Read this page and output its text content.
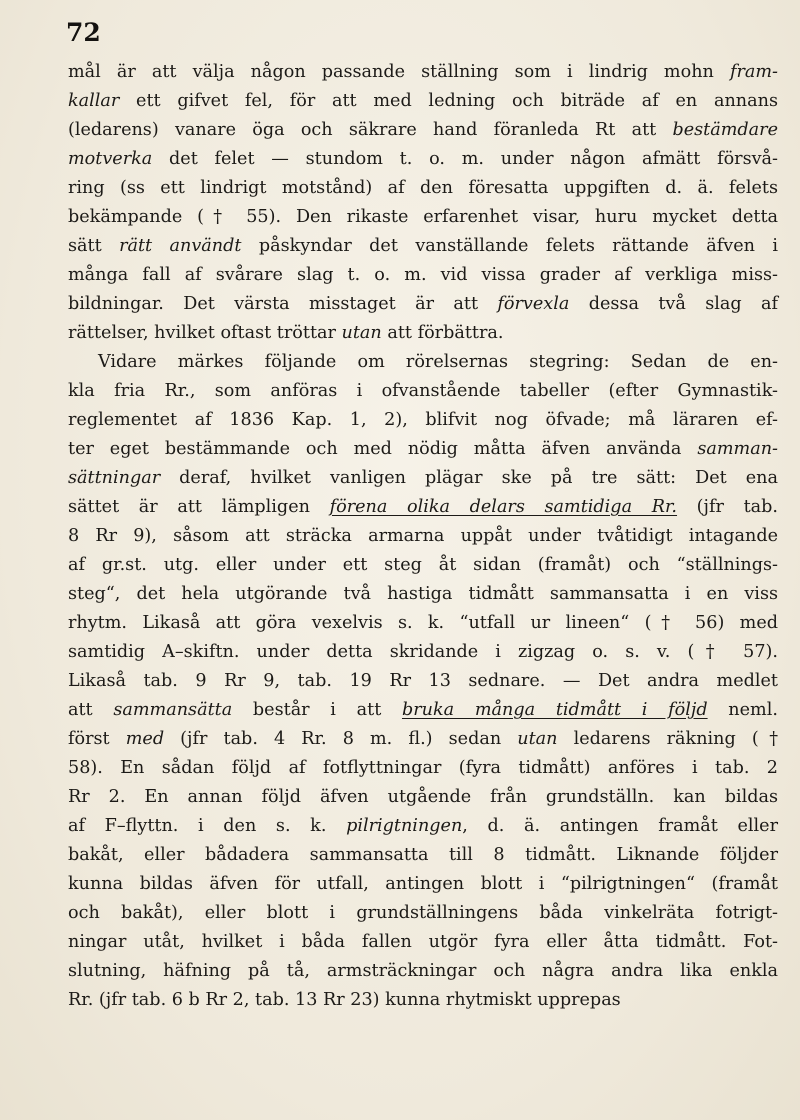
72
mål är att välja någon passande ställning som i lindrig mohn fram-
kallar ett gifvet fel, för att med ledning och biträde af en annans
(ledarens) vanare öga och säkrare hand föranleda Rt att bestämdare
motverka det felet — stundom t. o. m. under någon afmätt försvå-
ring (ss ett lindrigt motstånd) af den föresatta uppgiften d. ä. felets
bekämpande († 55). Den rikaste erfarenhet visar, huru mycket detta
sätt rätt användt påskyndar det vanställande felets rättande äfven i
många fall af svårare slag t. o. m. vid vissa grader af verkliga miss-
bildningar. Det värsta misstaget är att förvexla dessa två slag af
rättelser, hvilket oftast tröttar utan att förbättra.
Vidare märkes följande om rörelsernas stegring: Sedan de en-
kla fria Rr., som anföras i ofvanstående tabeller (efter Gymnastik-
reglementet af 1836 Kap. 1, 2), blifvit nog öfvade; må läraren ef-
ter eget bestämmande och med nödig måtta äfven använda samman-
sättningar deraf, hvilket vanligen plägar ske på tre sätt: Det ena
sättet är att lämpligen förena olika delars samtidiga Rr. (jfr tab.
8 Rr 9), såsom att sträcka armarna uppåt under tvåtidigt intagande
af gr.st. utg. eller under ett steg åt sidan (framåt) och “ställnings-
steg“, det hela utgörande två hastiga tidmått sammansatta i en viss
rhytm. Likaså att göra vexelvis s. k. “utfall ur lineen“ († 56) med
samtidig A–skiftn. under detta skridande i zigzag o. s. v. († 57).
Likaså tab. 9 Rr 9, tab. 19 Rr 13 sednare. — Det andra medlet
att sammansätta består i att bruka många tidmått i följd neml.
först med (jfr tab. 4 Rr. 8 m. fl.) sedan utan ledarens räkning (†
58). En sådan följd af fotflyttningar (fyra tidmått) anföres i tab. 2
Rr 2. En annan följd äfven utgående från grundställn. kan bildas
af F–flyttn. i den s. k. pilrigtningen, d. ä. antingen framåt eller
bakåt, eller bådadera sammansatta till 8 tidmått. Liknande följder
kunna bildas äfven för utfall, antingen blott i “pilrigtningen“ (framåt
och bakåt), eller blott i grundställningens båda vinkelräta fotrigt-
ningar utåt, hvilket i båda fallen utgör fyra eller åtta tidmått. Fot-
slutning, häfning på tå, armsträckningar och några andra lika enkla
Rr. (jfr tab. 6 b Rr 2, tab. 13 Rr 23) kunna rhytmiskt upprepas
